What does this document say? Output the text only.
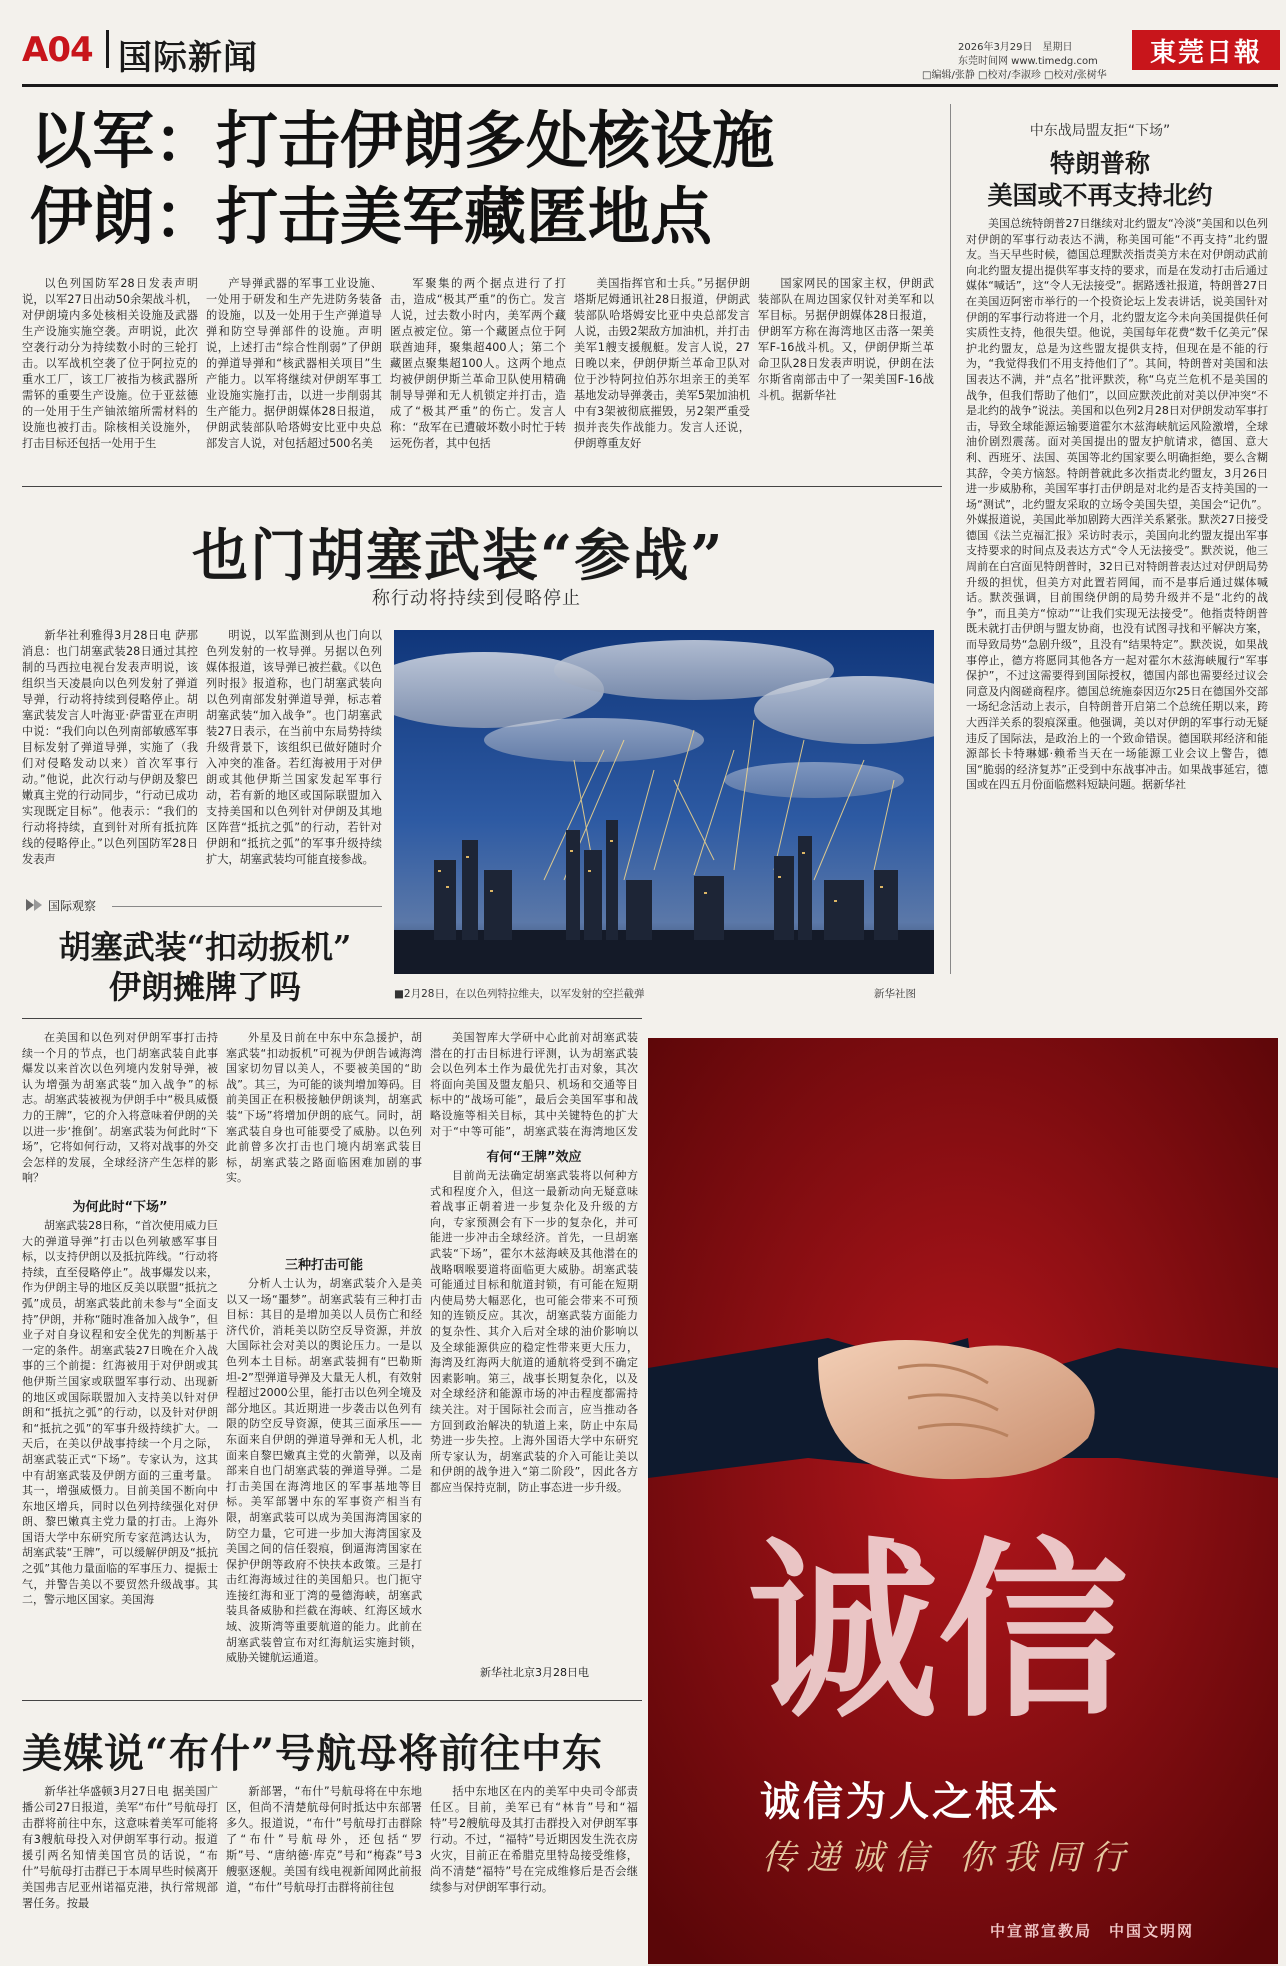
A04 国际新闻	2026年3月29日　星期日
东莞时间网 www.timedg.com
□编辑/张静 □校对/李淑珍 □校对/张树华
東莞日報
以军：打击伊朗多处核设施
伊朗：打击美军藏匿地点

以色列国防军28日发表声明说，以军27日出动50余架战斗机，对伊朗境内多处核相关设施及武器生产设施实施空袭。声明说，此次空袭行动分为持续数小时的三轮打击。以军战机空袭了位于阿拉克的重水工厂，该工厂被指为核武器所需钚的重要生产设施。位于亚兹德的一处用于生产铀浓缩所需材料的设施也被打击。除核相关设施外，打击目标还包括一处用于生

产导弹武器的军事工业设施、一处用于研发和生产先进防务装备的设施，以及一处用于生产弹道导弹和防空导弹部件的设施。声明说，上述打击“综合性削弱”了伊朗的弹道导弹和“核武器相关项目”生产能力。以军将继续对伊朗军事工业设施实施打击，以进一步削弱其生产能力。据伊朗媒体28日报道，伊朗武装部队哈塔姆安比亚中央总部发言人说，对包括超过500名美

军聚集的两个据点进行了打击，造成“极其严重”的伤亡。发言人说，过去数小时内，美军两个藏匿点被定位。第一个藏匿点位于阿联酋迪拜，聚集超400人；第二个藏匿点聚集超100人。这两个地点均被伊朗伊斯兰革命卫队使用精确制导导弹和无人机锁定并打击，造成了“极其严重”的伤亡。发言人称：“敌军在已遭破坏数小时忙于转运死伤者，其中包括

美国指挥官和士兵。”另据伊朗塔斯尼姆通讯社28日报道，伊朗武装部队哈塔姆安比亚中央总部发言人说，击毁2架敌方加油机，并打击美军1艘支援舰艇。发言人说，27日晚以来，伊朗伊斯兰革命卫队对位于沙特阿拉伯苏尔坦亲王的美军基地发动导弹袭击，美军5架加油机中有3架被彻底摧毁，另2架严重受损并丧失作战能力。发言人还说，伊朗尊重友好

国家网民的国家主权，伊朗武装部队在周边国家仅针对美军和以军目标。另据伊朗媒体28日报道，伊朗军方称在海湾地区击落一架美军F-16战斗机。又，伊朗伊斯兰革命卫队28日发表声明说，伊朗在法尔斯省南部击中了一架美国F-16战斗机。据新华社

中东战局盟友拒“下场”
特朗普称
美国或不再支持北约

美国总统特朗普27日继续对北约盟友“冷淡”美国和以色列对伊朗的军事行动表达不满，称美国可能“不再支持”北约盟友。当天早些时候，德国总理默茨指责美方未在对伊朗动武前向北约盟友提出提供军事支持的要求，而是在发动打击后通过媒体“喊话”，这“令人无法接受”。据路透社报道，特朗普27日在美国迈阿密市举行的一个投资论坛上发表讲话，说美国针对伊朗的军事行动将进一个月，北约盟友迄今未向美国提供任何实质性支持，他很失望。他说，美国每年花费“数千亿美元”保护北约盟友，总是为这些盟友提供支持，但现在是不能的行为，“我觉得我们不用支持他们了”。其间，特朗普对美国和法国表达不满，并“点名”批评默茨，称“乌克兰危机不是美国的战争，但我们帮助了他们”，以回应默茨此前对美以伊冲突“不是北约的战争”说法。美国和以色列2月28日对伊朗发动军事打击，导致全球能源运输要道霍尔木兹海峡航运风险激增，全球油价剧烈震荡。面对美国提出的盟友护航请求，德国、意大利、西班牙、法国、英国等北约国家要么明确拒绝，要么含糊其辞，令美方恼怒。特朗普就此多次指责北约盟友，3月26日进一步威胁称，美国军事打击伊朗是对北约是否支持美国的一场“测试”，北约盟友采取的立场令美国失望，美国会“记仇”。外媒报道说，美国此举加剧跨大西洋关系紧张。默茨27日接受德国《法兰克福汇报》采访时表示，美国向北约盟友提出军事支持要求的时间点及表达方式“令人无法接受”。默茨说，他三周前在白宫面见特朗普时，32日已对特朗普表达过对伊朗局势升级的担忧，但美方对此置若罔闻，而不是事后通过媒体喊话。默茨强调，目前围绕伊朗的局势升级并不是“北约的战争”，而且美方“惊动”“让我们实现无法接受”。他指责特朗普既未就打击伊朗与盟友协商，也没有试图寻找和平解决方案，而导致局势“急剧升级”，且没有“结果特定”。默茨说，如果战事停止，德方将愿同其他各方一起对霍尔木兹海峡履行“军事保护”，不过这需要得到国际授权，德国内部也需要经过议会同意及内阁磋商程序。德国总统施泰因迈尔25日在德国外交部一场纪念活动上表示，自特朗普开启第二个总统任期以来，跨大西洋关系的裂痕深重。他强调，美以对伊朗的军事行动无疑违反了国际法，是政治上的一个致命错误。德国联邦经济和能源部长卡特琳娜·赖希当天在一场能源工业会议上警告，德国“脆弱的经济复苏”正受到中东战事冲击。如果战事延宕，德国或在四五月份面临燃料短缺问题。据新华社

也门胡塞武装“参战”
称行动将持续到侵略停止

新华社利雅得3月28日电 萨那消息：也门胡塞武装28日通过其控制的马西拉电视台发表声明说，该组织当天凌晨向以色列发射了弹道导弹，行动将持续到侵略停止。胡塞武装发言人叶海亚·萨雷亚在声明中说：“我们向以色列南部敏感军事目标发射了弹道导弹，实施了（我们对侵略发动以来）首次军事行动。”他说，此次行动与伊朗及黎巴嫩真主党的行动同步，“行动已成功实现既定目标”。他表示：“我们的行动将持续，直到针对所有抵抗阵线的侵略停止。”以色列国防军28日发表声

明说，以军监测到从也门向以色列发射的一枚导弹。另据以色列媒体报道，该导弹已被拦截。《以色列时报》报道称，也门胡塞武装向以色列南部发射弹道导弹，标志着胡塞武装“加入战争”。也门胡塞武装27日表示，在当前中东局势持续升级背景下，该组织已做好随时介入冲突的准备。若红海被用于对伊朗或其他伊斯兰国家发起军事行动，若有新的地区或国际联盟加入支持美国和以色列针对伊朗及其地区阵营“抵抗之弧”的行动，若针对伊朗和“抵抗之弧”的军事升级持续扩大，胡塞武装均可能直接参战。

■2月28日，在以色列特拉维夫，以军发射的空拦截弹	新华社图
国际观察
胡塞武装“扣动扳机”
伊朗摊牌了吗

在美国和以色列对伊朗军事打击持续一个月的节点，也门胡塞武装自此事爆发以来首次以色列境内发射导弹，被认为增强为胡塞武装“加入战争”的标志。胡塞武装被视为伊朗手中“极具威慑力的王牌”，它的介入将意味着伊朗的关以进一步‘推倒’。胡塞武装为何此时“下场”，它将如何行动，又将对战事的外交会怎样的发展，全球经济产生怎样的影响？

为何此时“下场”

胡塞武装28日称，“首次使用威力巨大的弹道导弹”打击以色列敏感军事目标，以支持伊朗以及抵抗阵线。“行动将持续，直至侵略停止”。战事爆发以来，作为伊朗主导的地区反美以联盟“抵抗之弧”成员，胡塞武装此前未参与“全面支持”伊朗，并称“随时准备加入战争”，但业子对自身议程和安全优先的判断基于一定的条件。胡塞武装27日晚在介入战事的三个前提：红海被用于对伊朗或其他伊斯兰国家或联盟军事行动、出现新的地区或国际联盟加入支持美以针对伊朗和“抵抗之弧”的行动，以及针对伊朗和“抵抗之弧”的军事升级持续扩大。一天后，在美以伊战事持续一个月之际，胡塞武装正式“下场”。专家认为，这其中有胡塞武装及伊朗方面的三重考量。其一，增强威慑力。目前美国不断向中东地区增兵，同时以色列持续强化对伊朗、黎巴嫩真主党力量的打击。上海外国语大学中东研究所专家范鸿达认为，胡塞武装“王牌”，可以缓解伊朗及“抵抗之弧”其他力量面临的军事压力、提振士气，并警告美以不要贸然升级战事。其二，警示地区国家。美国海

外星及日前在中东中东急援护，胡塞武装“扣动扳机”可视为伊朗告诫海湾国家切勿冒以美人，不要被美国的“助战”。其三，为可能的谈判增加筹码。目前美国正在积极接触伊朗谈判，胡塞武装“下场”将增加伊朗的底气。同时，胡塞武装自身也可能要受了威胁。以色列此前曾多次打击也门境内胡塞武装目标，胡塞武装之路面临困难加剧的事实。

三种打击可能

分析人士认为，胡塞武装介入是美以又一场“噩梦”。胡塞武装有三种打击目标：其目的是增加美以人员伤亡和经济代价，消耗美以防空反导资源，并放大国际社会对美以的舆论压力。一是以色列本土目标。胡塞武装拥有“巴勒斯坦-2”型弹道导弹及大量无人机，有效射程超过2000公里，能打击以色列全境及部分地区。其近期进一步袭击以色列有限的防空反导资源，使其三面承压——东面来自伊朗的弹道导弹和无人机，北面来自黎巴嫩真主党的火箭弹，以及南部来自也门胡塞武装的弹道导弹。二是打击美国在海湾地区的军事基地等目标。美军部署中东的军事资产相当有限，胡塞武装可以成为美国海湾国家的防空力量，它可进一步加大海湾国家及美国之间的信任裂痕，倒逼海湾国家在保护伊朗等政府不快扶本政策。三是打击红海海域过往的美国船只。也门扼守连接红海和亚丁湾的曼德海峡，胡塞武装具备威胁和拦截在海峡、红海区域水域、波斯湾等重要航道的能力。此前在胡塞武装曾宣布对红海航运实施封锁，威胁关键航运通道。

美国智库大学研中心此前对胡塞武装潜在的打击目标进行评测，认为胡塞武装会以色列本土作为最优先打击对象，其次将面向美国及盟友船只、机场和交通等目标中的“战场可能”，最后会美国军事和战略设施等相关目标，其中关键特色的扩大对于“中等可能”，胡塞武装在海湾地区发

有何“王牌”效应

目前尚无法确定胡塞武装将以何种方式和程度介入，但这一最新动向无疑意味着战事正朝着进一步复杂化及升级的方向，专家预测会有下一步的复杂化，并可能进一步冲击全球经济。首先，一旦胡塞武装“下场”，霍尔木兹海峡及其他潜在的战略咽喉要道将面临更大威胁。胡塞武装可能通过目标和航道封锁，有可能在短期内使局势大幅恶化，也可能会带来不可预知的连锁反应。其次，胡塞武装方面能力的复杂性、其介入后对全球的油价影响以及全球能源供应的稳定性带来更大压力，海湾及红海两大航道的通航将受到不确定因素影响。第三，战事长期复杂化，以及对全球经济和能源市场的冲击程度都需持续关注。对于国际社会而言，应当推动各方回到政治解决的轨道上来，防止中东局势进一步失控。上海外国语大学中东研究所专家认为，胡塞武装的介入可能让美以和伊朗的战争进入“第二阶段”，因此各方都应当保持克制，防止事态进一步升级。

新华社北京3月28日电
美媒说“布什”号航母将前往中东

新华社华盛顿3月27日电 据美国广播公司27日报道，美军“布什”号航母打击群将前往中东，这意味着美军可能将有3艘航母投入对伊朗军事行动。报道援引两名知情美国官员的话说，“布什”号航母打击群已于本周早些时候离开美国弗吉尼亚州诺福克港，执行常规部署任务。按最

新部署，“布什”号航母将在中东地区，但尚不清楚航母何时抵达中东部署多久。报道说，“布什”号航母打击群除了“布什”号航母外，还包括“罗斯”号、“唐纳德·库克”号和“梅森”号3艘驱逐舰。美国有线电视新闻网此前报道，“布什”号航母打击群将前往包

括中东地区在内的美军中央司令部责任区。目前，美军已有“林肯”号和“福特”号2艘航母及其打击群投入对伊朗军事行动。不过，“福特”号近期因发生洗衣房火灾，目前正在希腊克里特岛接受维修，尚不清楚“福特”号在完成维修后是否会继续参与对伊朗军事行动。

诚信
诚信为人之根本
传递诚信 你我同行
中宣部宣教局　中国文明网
